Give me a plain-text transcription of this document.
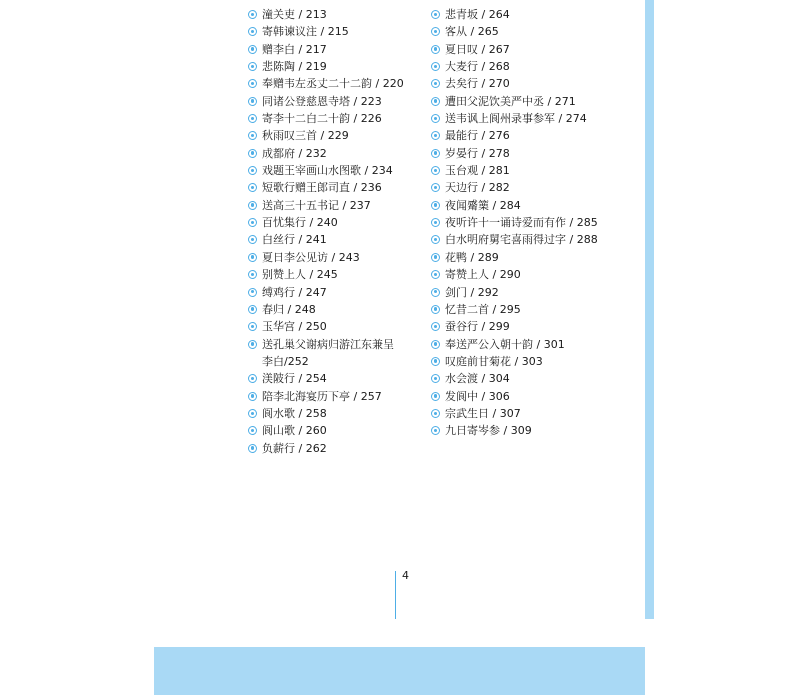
潼关吏 / 213
寄韩谏议注 / 215
赠李白 / 217
悲陈陶 / 219
奉赠韦左丞丈二十二韵 / 220
同诸公登慈恩寺塔 / 223
寄李十二白二十韵 / 226
秋雨叹三首 / 229
成都府 / 232
戏题王宰画山水图歌 / 234
短歌行赠王郎司直 / 236
送高三十五书记 / 237
百忧集行 / 240
白丝行 / 241
夏日李公见访 / 243
别赞上人 / 245
缚鸡行 / 247
春归 / 248
玉华宫 / 250
送孔巢父谢病归游江东兼呈
李白/252
渼陂行 / 254
陪李北海宴历下亭 / 257
阆水歌 / 258
阆山歌 / 260
负薪行 / 262
悲青坂 / 264
客从 / 265
夏日叹 / 267
大麦行 / 268
去矣行 / 270
遭田父泥饮美严中丞 / 271
送韦讽上阆州录事参军 / 274
最能行 / 276
岁晏行 / 278
玉台观 / 281
天边行 / 282
夜闻觱篥 / 284
夜听许十一诵诗爱而有作 / 285
白水明府舅宅喜雨得过字 / 288
花鸭 / 289
寄赞上人 / 290
剑门 / 292
忆昔二首 / 295
蚕谷行 / 299
奉送严公入朝十韵 / 301
叹庭前甘菊花 / 303
水会渡 / 304
发阆中 / 306
宗武生日 / 307
九日寄岑参 / 309
4
